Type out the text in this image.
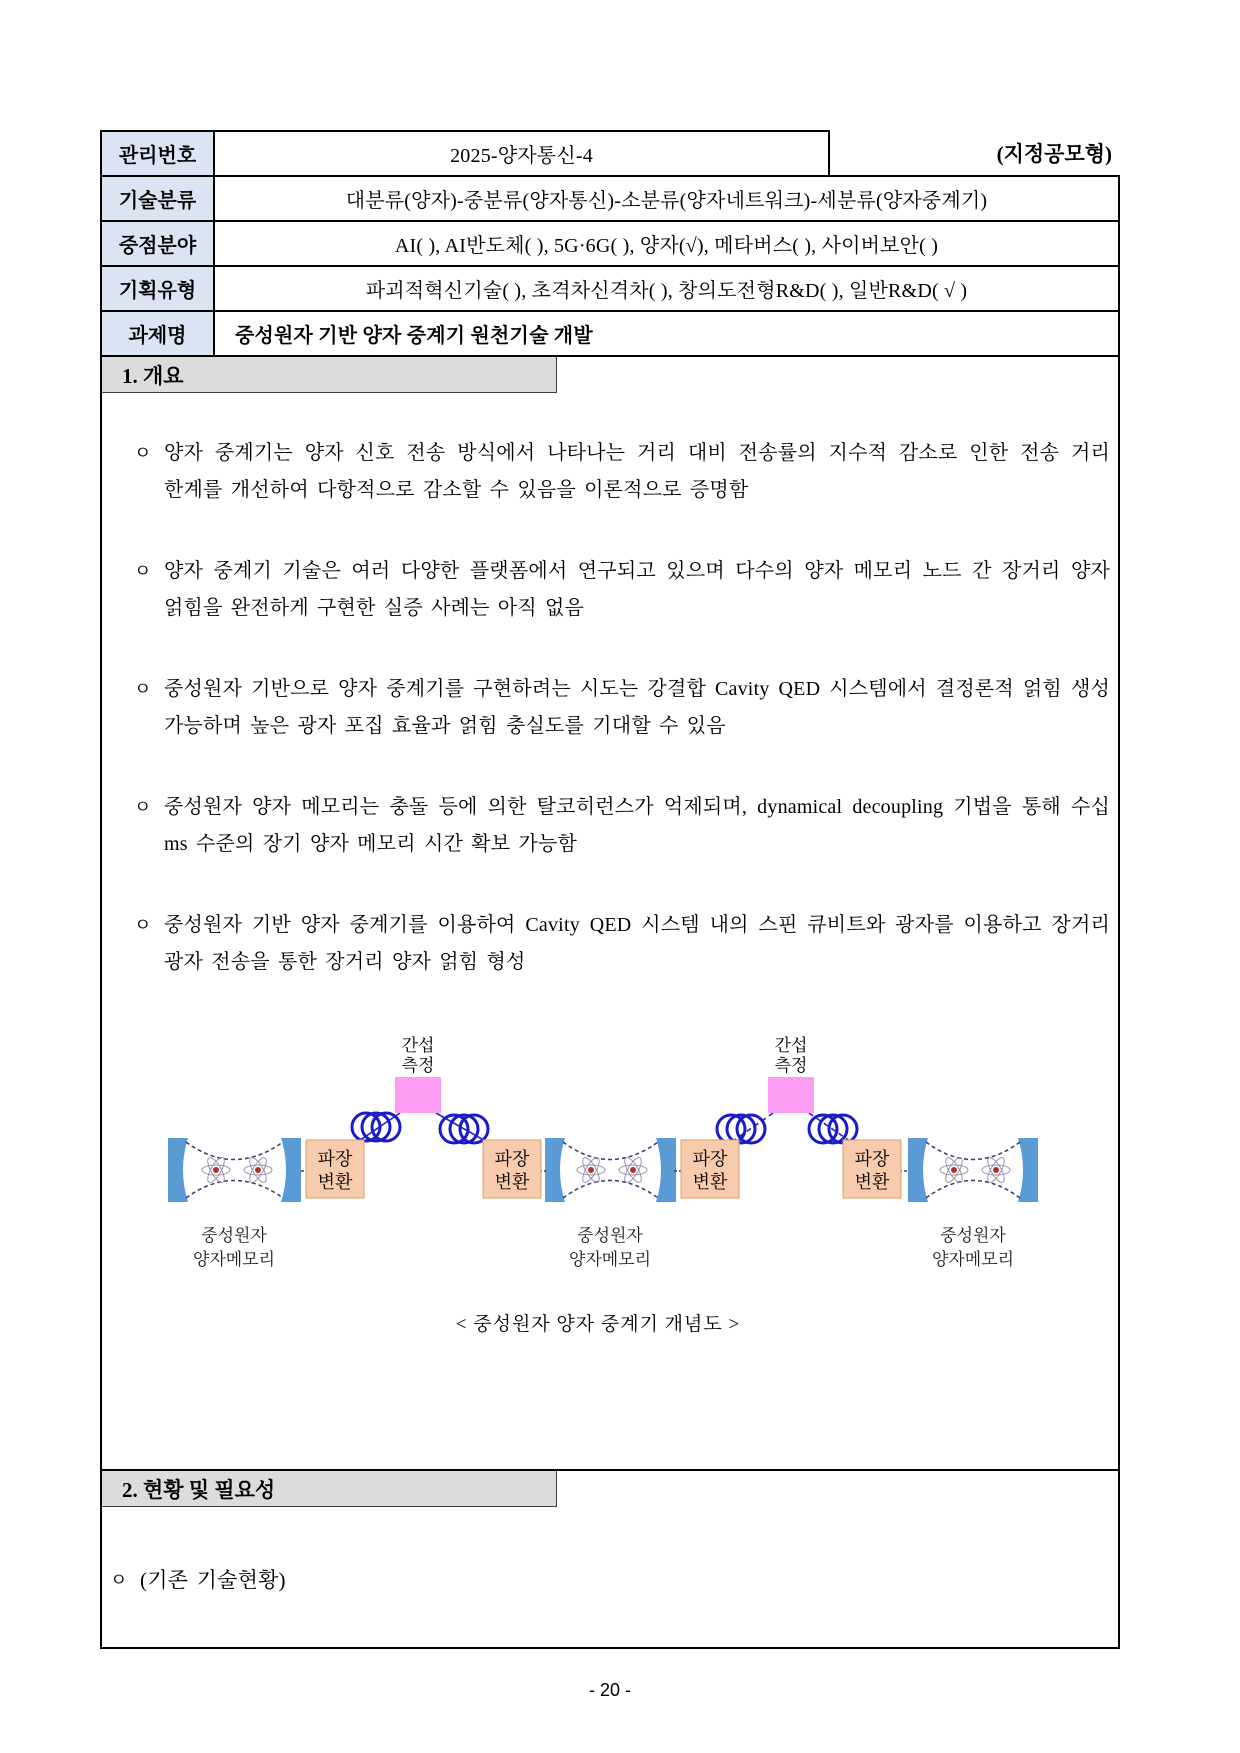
관리번호	2025-양자통신-4	(지정공모형)
기술분류	대분류(양자)-중분류(양자통신)-소분류(양자네트워크)-세분류(양자중계기)
중점분야	AI( ), AI반도체( ), 5G·6G( ), 양자(√), 메타버스( ), 사이버보안( )
기획유형	파괴적혁신기술( ), 초격차신격차( ), 창의도전형R&D( ), 일반R&D( √ )
과제명	중성원자 기반 양자 중계기 원천기술 개발
1. 개요
ㅇ 양자 중계기는 양자 신호 전송 방식에서 나타나는 거리 대비 전송률의 지수적 감소로 인한 전송 거리 한계를 개선하여 다항적으로 감소할 수 있음을 이론적으로 증명함
ㅇ 양자 중계기 기술은 여러 다양한 플랫폼에서 연구되고 있으며 다수의 양자 메모리 노드 간 장거리 양자 얽힘을 완전하게 구현한 실증 사례는 아직 없음
ㅇ 중성원자 기반으로 양자 중계기를 구현하려는 시도는 강결합 Cavity QED 시스템에서 결정론적 얽힘 생성 가능하며 높은 광자 포집 효율과 얽힘 충실도를 기대할 수 있음
ㅇ 중성원자 양자 메모리는 충돌 등에 의한 탈코히런스가 억제되며, dynamical decoupling 기법을 통해 수십 ms 수준의 장기 양자 메모리 시간 확보 가능함
ㅇ 중성원자 기반 양자 중계기를 이용하여 Cavity QED 시스템 내의 스핀 큐비트와 광자를 이용하고 장거리 광자 전송을 통한 장거리 양자 얽힘 형성
간섭
측정
간섭
측정
파장
변환
파장
변환
파장
변환
파장
변환
중성원자
양자메모리
중성원자
양자메모리
중성원자
양자메모리
< 중성원자 양자 중계기 개념도 >
2. 현황 및 필요성
ㅇ (기존 기술현황)
- 20 -
